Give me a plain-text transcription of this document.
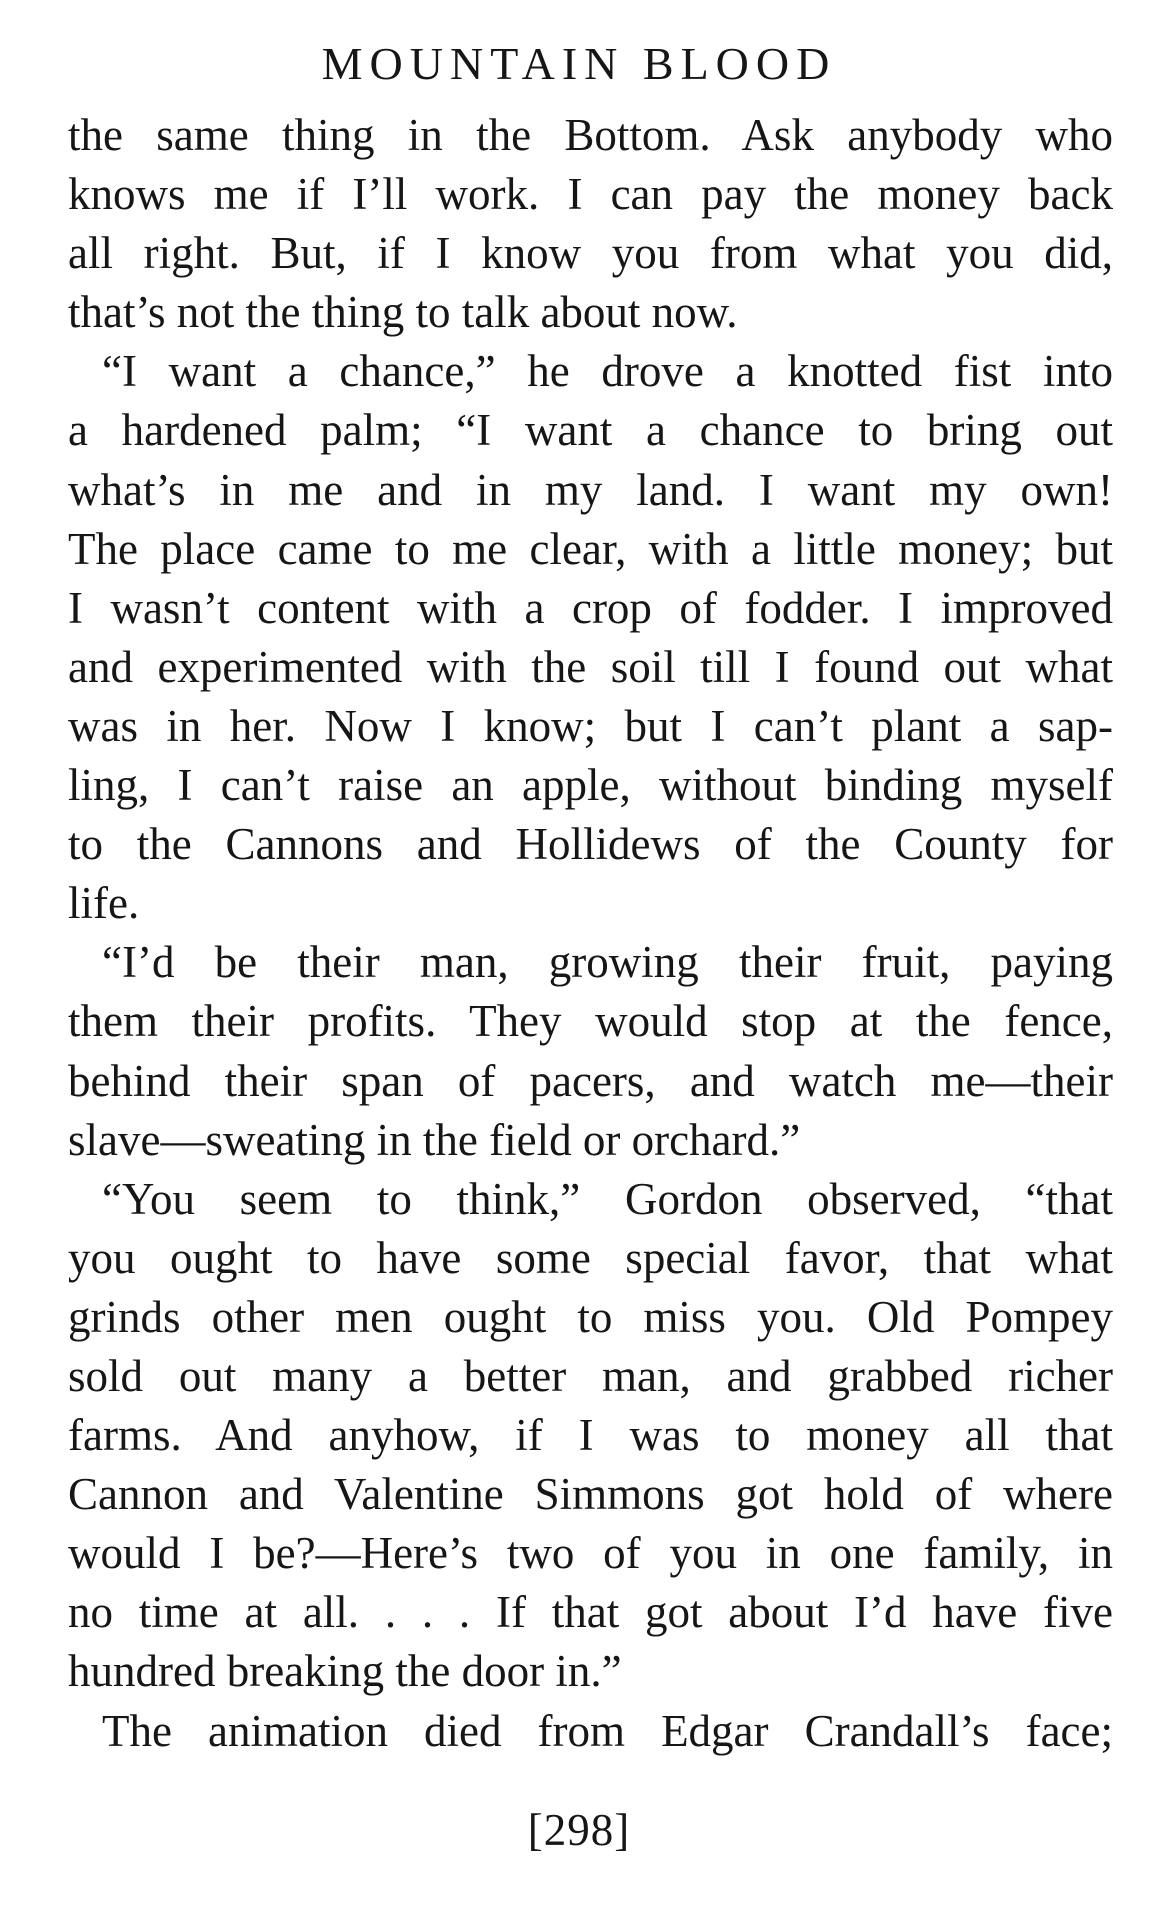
MOUNTAIN BLOOD
the same thing in the Bottom. Ask anybody who
knows me if I’ll work. I can pay the money back
all right. But, if I know you from what you did,
that’s not the thing to talk about now.
“I want a chance,” he drove a knotted fist into
a hardened palm; “I want a chance to bring out
what’s in me and in my land. I want my own!
The place came to me clear, with a little money; but
I wasn’t content with a crop of fodder. I improved
and experimented with the soil till I found out what
was in her. Now I know; but I can’t plant a sap-
ling, I can’t raise an apple, without binding myself
to the Cannons and Hollidews of the County for
life.
“I’d be their man, growing their fruit, paying
them their profits. They would stop at the fence,
behind their span of pacers, and watch me—their
slave—sweating in the field or orchard.”
“You seem to think,” Gordon observed, “that
you ought to have some special favor, that what
grinds other men ought to miss you. Old Pompey
sold out many a better man, and grabbed richer
farms. And anyhow, if I was to money all that
Cannon and Valentine Simmons got hold of where
would I be?—Here’s two of you in one family, in
no time at all. . . . If that got about I’d have five
hundred breaking the door in.”
The animation died from Edgar Crandall’s face;
[298]
